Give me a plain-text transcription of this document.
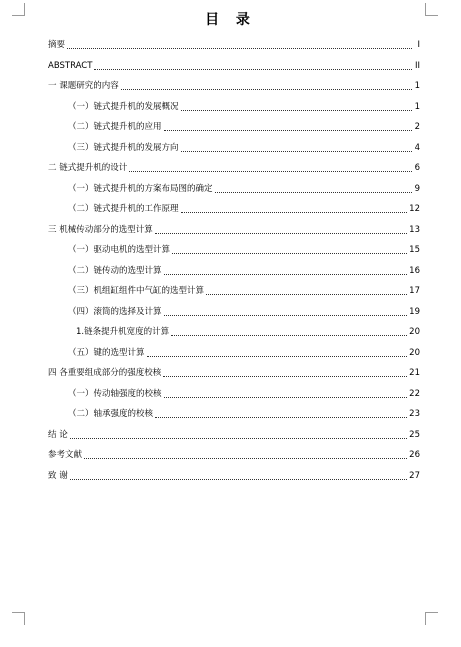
目 录
摘要	I
ABSTRACT	II
一 课题研究的内容	1
（一）链式提升机的发展概况	1
（二）链式提升机的应用	2
（三）链式提升机的发展方向	4
二 链式提升机的设计	6
（一）链式提升机的方案布局图的确定	9
（二）链式提升机的工作原理	12
三 机械传动部分的选型计算	13
（一）驱动电机的选型计算	15
（二）链传动的选型计算	16
（三）机组缸组件中气缸的选型计算	17
（四）滚筒的选择及计算	19
1.链条提升机宽度的计算	20
（五）键的选型计算	20
四 各重要组成部分的强度校核	21
（一）传动轴强度的校核	22
（二）轴承强度的校核	23
结 论	25
参考文献	26
致 谢	27
